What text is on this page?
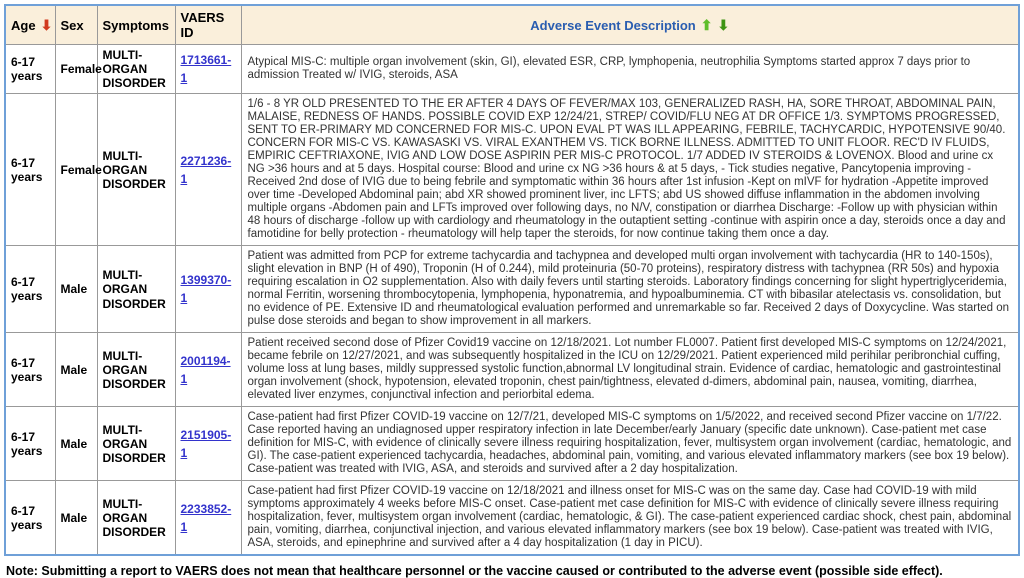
Age ⬇	Sex	Symptoms	VAERS ID	Adverse Event Description ⬆ ⬇

6-17 years	Female	MULTI-ORGAN DISORDER	1713661-1	Atypical MIS-C: multiple organ involvement (skin, GI), elevated ESR, CRP, lymphopenia, neutrophilia Symptoms started approx 7 days prior to admission Treated w/ IVIG, steroids, ASA
6-17 years	Female	MULTI-ORGAN DISORDER	2271236-1	1/6 - 8 YR OLD PRESENTED TO THE ER AFTER 4 DAYS OF FEVER/MAX 103, GENERALIZED RASH, HA, SORE THROAT, ABDOMINAL PAIN, MALAISE, REDNESS OF HANDS. POSSIBLE COVID EXP 12/24/21, STREP/ COVID/FLU NEG AT DR OFFICE 1/3. SYMPTOMS PROGRESSED, SENT TO ER-PRIMARY MD CONCERNED FOR MIS-C. UPON EVAL PT WAS ILL APPEARING, FEBRILE, TACHYCARDIC, HYPOTENSIVE 90/40. CONCERN FOR MIS-C VS. KAWASASKI VS. VIRAL EXANTHEM VS. TICK BORNE ILLNESS. ADMITTED TO UNIT FLOOR. REC'D IV FLUIDS, EMPIRIC CEFTRIAXONE, IVIG AND LOW DOSE ASPIRIN PER MIS-C PROTOCOL. 1/7 ADDED IV STEROIDS & LOVENOX. Blood and urine cx NG >36 hours and at 5 days. Hospital course: Blood and urine cx NG >36 hours & at 5 days, - Tick studies negative, Pancytopenia improving -Received 2nd dose of IVIG due to being febrile and symptomatic within 36 hours after 1st infusion -Kept on mIVF for hydration -Appetite improved over time -Developed Abdominal pain; abd XR showed prominent liver, inc LFTS; abd US showed diffuse inflammation in the abdomen involving multiple organs -Abdomen pain and LFTs improved over following days, no N/V, constipation or diarrhea Discharge: -Follow up with physician within 48 hours of discharge -follow up with cardiology and rheumatology in the outaptient setting -continue with aspirin once a day, steroids once a day and famotidine for belly protection - rheumatology will help taper the steroids, for now continue taking them once a day.
6-17 years	Male	MULTI-ORGAN DISORDER	1399370-1	Patient was admitted from PCP for extreme tachycardia and tachypnea and developed multi organ involvement with tachycardia (HR to 140-150s), slight elevation in BNP (H of 490), Troponin (H of 0.244), mild proteinuria (50-70 proteins), respiratory distress with tachypnea (RR 50s) and hypoxia requiring escalation in O2 supplementation. Also with daily fevers until starting steroids. Laboratory findings concerning for slight hypertriglyceridemia, normal Ferritin, worsening thrombocytopenia, lymphopenia, hyponatremia, and hypoalbuminemia. CT with bibasilar atelectasis vs. consolidation, but no evidence of PE. Extensive ID and rheumatological evaluation performed and unremarkable so far. Received 2 days of Doxycycline. Was started on pulse dose steroids and began to show improvement in all markers.
6-17 years	Male	MULTI-ORGAN DISORDER	2001194-1	Patient received second dose of Pfizer Covid19 vaccine on 12/18/2021. Lot number FL0007. Patient first developed MIS-C symptoms on 12/24/2021, became febrile on 12/27/2021, and was subsequently hospitalized in the ICU on 12/29/2021. Patient experienced mild perihilar peribronchial cuffing, volume loss at lung bases, mildly suppressed systolic function,abnormal LV longitudinal strain. Evidence of cardiac, hematologic and gastrointestinal organ involvement (shock, hypotension, elevated troponin, chest pain/tightness, elevated d-dimers, abdominal pain, nausea, vomiting, diarrhea, elevated liver enzymes, conjunctival infection and periorbital edema.
6-17 years	Male	MULTI-ORGAN DISORDER	2151905-1	Case-patient had first Pfizer COVID-19 vaccine on 12/7/21, developed MIS-C symptoms on 1/5/2022, and received second Pfizer vaccine on 1/7/22. Case reported having an undiagnosed upper respiratory infection in late December/early January (specific date unknown). Case-patient met case definition for MIS-C, with evidence of clinically severe illness requiring hospitalization, fever, multisystem organ involvement (cardiac, hematologic, and GI). The case-patient experienced tachycardia, headaches, abdominal pain, vomiting, and various elevated inflammatory markers (see box 19 below). Case-patient was treated with IVIG, ASA, and steroids and survived after a 2 day hospitalization.
6-17 years	Male	MULTI-ORGAN DISORDER	2233852-1	Case-patient had first Pfizer COVID-19 vaccine on 12/18/2021 and illness onset for MIS-C was on the same day. Case had COVID-19 with mild symptoms approximately 4 weeks before MIS-C onset. Case-patient met case definition for MIS-C with evidence of clinically severe illness requiring hospitalization, fever, multisystem organ involvement (cardiac, hematologic, & GI). The case-patient experienced cardiac shock, chest pain, abdominal pain, vomiting, diarrhea, conjunctival injection, and various elevated inflammatory markers (see box 19 below). Case-patient was treated with IVIG, ASA, steroids, and epinephrine and survived after a 4 day hospitalization (1 day in PICU).
Note: Submitting a report to VAERS does not mean that healthcare personnel or the vaccine caused or contributed to the adverse event (possible side effect).
